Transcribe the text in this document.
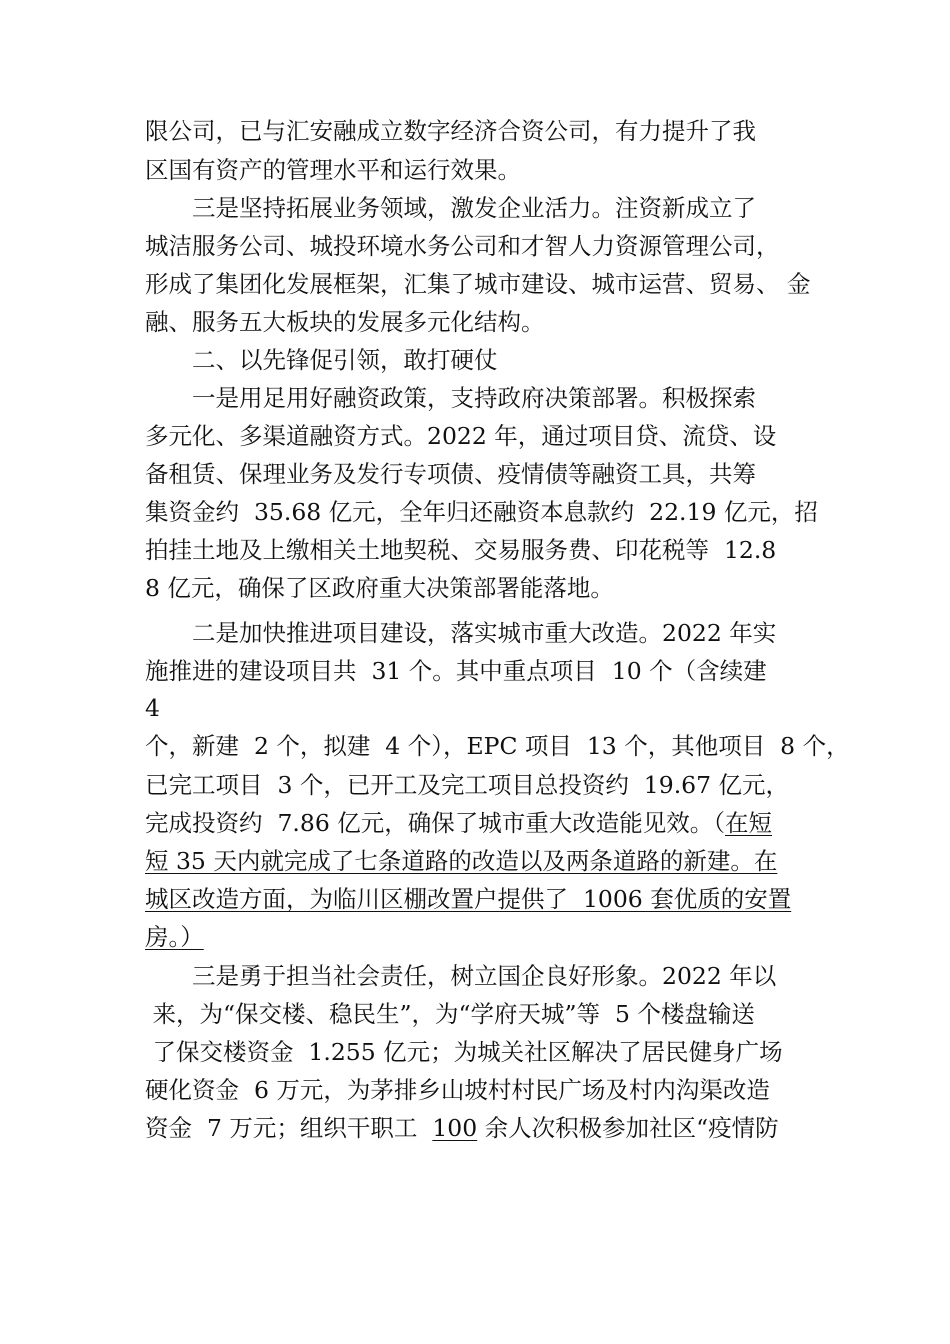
限公司，已与汇安融成立数字经济合资公司，有力提升了我
区国有资产的管理水平和运行效果。
　　三是坚持拓展业务领域，激发企业活力。注资新成立了
城洁服务公司、城投环境水务公司和才智人力资源管理公司，
形成了集团化发展框架，汇集了城市建设、城市运营、贸易、 金
融、服务五大板块的发展多元化结构。
　　二、以先锋促引领，敢打硬仗
　　一是用足用好融资政策，支持政府决策部署。积极探索
多元化、多渠道融资方式。2022 年，通过项目贷、流贷、设
备租赁、保理业务及发行专项债、疫情债等融资工具，共筹
集资金约  35.68 亿元，全年归还融资本息款约  22.19 亿元，招
拍挂土地及上缴相关土地契税、交易服务费、印花税等  12.8
8 亿元，确保了区政府重大决策部署能落地。
　　二是加快推进项目建设，落实城市重大改造。2022 年实
施推进的建设项目共  31 个。其中重点项目  10 个（含续建
4
个，新建  2 个，拟建  4 个），EPC 项目  13 个，其他项目  8 个，
已完工项目  3 个，已开工及完工项目总投资约  19.67 亿元，
完成投资约  7.86 亿元，确保了城市重大改造能见效。（在短
短 35 天内就完成了七条道路的改造以及两条道路的新建。在
城区改造方面，为临川区棚改置户提供了  1006 套优质的安置
房。）
　　三是勇于担当社会责任，树立国企良好形象。2022 年以
来，为“保交楼、稳民生”，为“学府天城”等  5 个楼盘输送
了保交楼资金  1.255 亿元；为城关社区解决了居民健身广场
硬化资金  6 万元，为茅排乡山坡村村民广场及村内沟渠改造
资金  7 万元；组织干职工  100 余人次积极参加社区“疫情防
